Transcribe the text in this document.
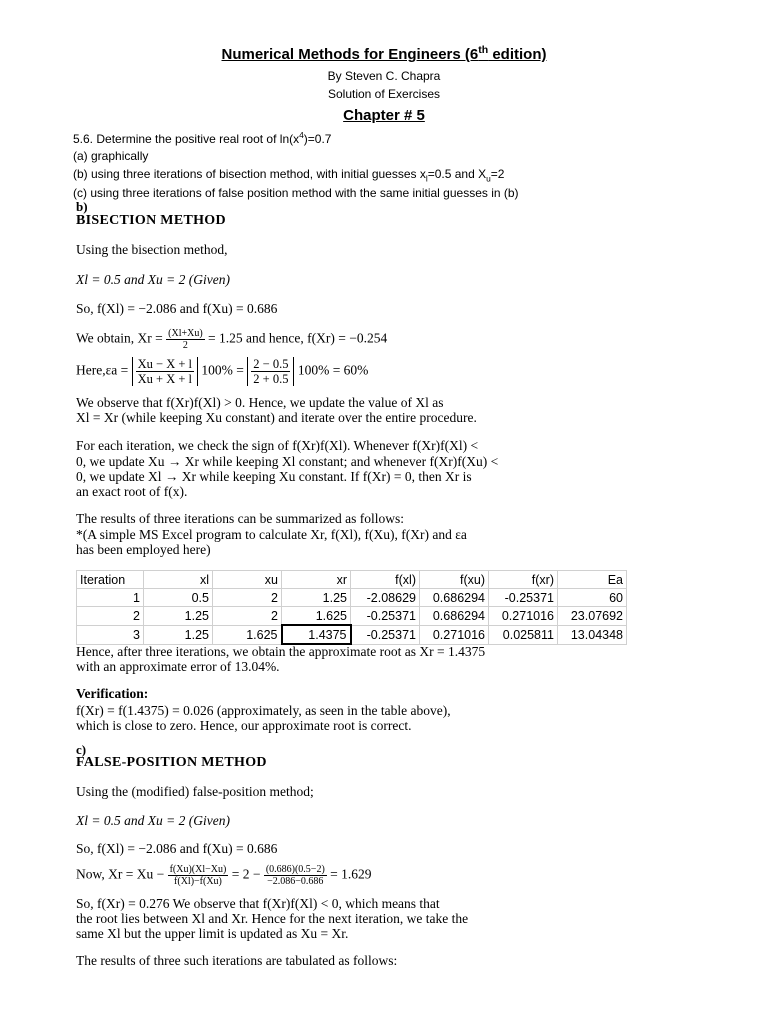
Numerical Methods for Engineers (6th edition)
By Steven C. Chapra
Solution of Exercises
Chapter # 5
5.6. Determine the positive real root of $\ln(x^4)=0.7$
(a) graphically
(b) using three iterations of bisection method, with initial guesses $x_l=0.5$ and $X_u=2$
(c) using three iterations of false position method with the same initial guesses in (b)
b)
BISECTION METHOD
Using the bisection method,
Xl = 0.5 and Xu = 2 (Given)
So, f(Xl) = −2.086 and f(Xu) = 0.686
We obtain, $Xr = \frac{(Xl+Xu)}{2} = 1.25$ and hence, f(Xr) = −0.254
Here,εa = $\frac{Xu - X + l}{Xu + X + l} 100\% = \frac{2 - 0.5}{2 + 0.5} 100\% = 60\%$
We observe that f(Xr)f(Xl) > 0. Hence, we update the value of Xl as
Xl = Xr (while keeping Xu constant) and iterate over the entire procedure.
For each iteration, we check the sign of f(Xr)f(Xl). Whenever f(Xr)f(Xl) <
0, we update Xu → Xr while keeping Xl constant; and whenever f(Xr)f(Xu) <
0, we update Xl → Xr while keeping Xu constant. If f(Xr) = 0, then Xr is
an exact root of f(x).
The results of three iterations can be summarized as follows:
*(A simple MS Excel program to calculate Xr, f(Xl), f(Xu), f(Xr) and εa
has been employed here)
Iteration	xl	xu	xr	f(xl)	f(xu)	f(xr)	Ea
1	0.5	2	1.25	-2.08629	0.686294	-0.25371	60
2	1.25	2	1.625	-0.25371	0.686294	0.271016	23.07692
3	1.25	1.625	1.4375	-0.25371	0.271016	0.025811	13.04348
Hence, after three iterations, we obtain the approximate root as Xr = 1.4375
with an approximate error of 13.04%.
Verification:
f(Xr) = f(1.4375) = 0.026 (approximately, as seen in the table above),
which is close to zero. Hence, our approximate root is correct.
c)
FALSE-POSITION METHOD
Using the (modified) false-position method;
Xl = 0.5 and Xu = 2 (Given)
So, f(Xl) = −2.086 and f(Xu) = 0.686
Now, $Xr = Xu - \frac{f(Xu)(Xl-Xu)}{f(Xl)-f(Xu)} = 2 - \frac{(0.686)(0.5-2)}{-2.086-0.686} = 1.629$
So, f(Xr) = 0.276 We observe that f(Xr)f(Xl) < 0, which means that
the root lies between Xl and Xr. Hence for the next iteration, we take the
same Xl but the upper limit is updated as Xu = Xr.
The results of three such iterations are tabulated as follows:
